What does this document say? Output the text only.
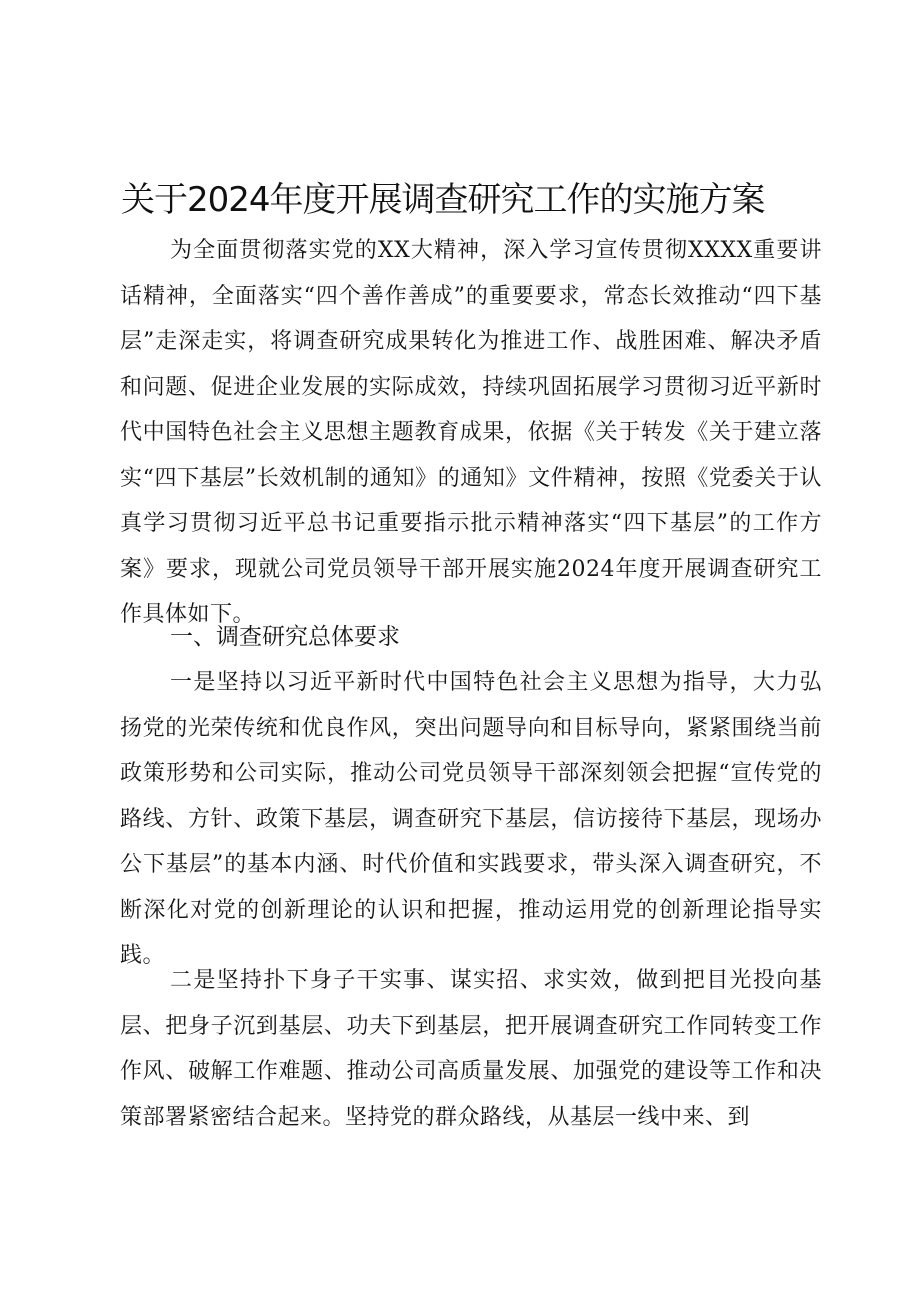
关于2024年度开展调查研究工作的实施方案

为全面贯彻落实党的XX大精神，深入学习宣传贯彻XXXX重要讲话精神，全面落实“四个善作善成”的重要要求，常态长效推动“四下基层”走深走实，将调查研究成果转化为推进工作、战胜困难、解决矛盾和问题、促进企业发展的实际成效，持续巩固拓展学习贯彻习近平新时代中国特色社会主义思想主题教育成果，依据《关于转发《关于建立落实“四下基层”长效机制的通知》的通知》文件精神，按照《党委关于认真学习贯彻习近平总书记重要指示批示精神落实“四下基层”的工作方案》要求，现就公司党员领导干部开展实施2024年度开展调查研究工作具体如下。

一、调查研究总体要求

一是坚持以习近平新时代中国特色社会主义思想为指导，大力弘扬党的光荣传统和优良作风，突出问题导向和目标导向，紧紧围绕当前政策形势和公司实际，推动公司党员领导干部深刻领会把握“宣传党的路线、方针、政策下基层，调查研究下基层，信访接待下基层，现场办公下基层”的基本内涵、时代价值和实践要求，带头深入调查研究，不断深化对党的创新理论的认识和把握，推动运用党的创新理论指导实践。

二是坚持扑下身子干实事、谋实招、求实效，做到把目光投向基层、把身子沉到基层、功夫下到基层，把开展调查研究工作同转变工作作风、破解工作难题、推动公司高质量发展、加强党的建设等工作和决策部署紧密结合起来。坚持党的群众路线，从基层一线中来、到
